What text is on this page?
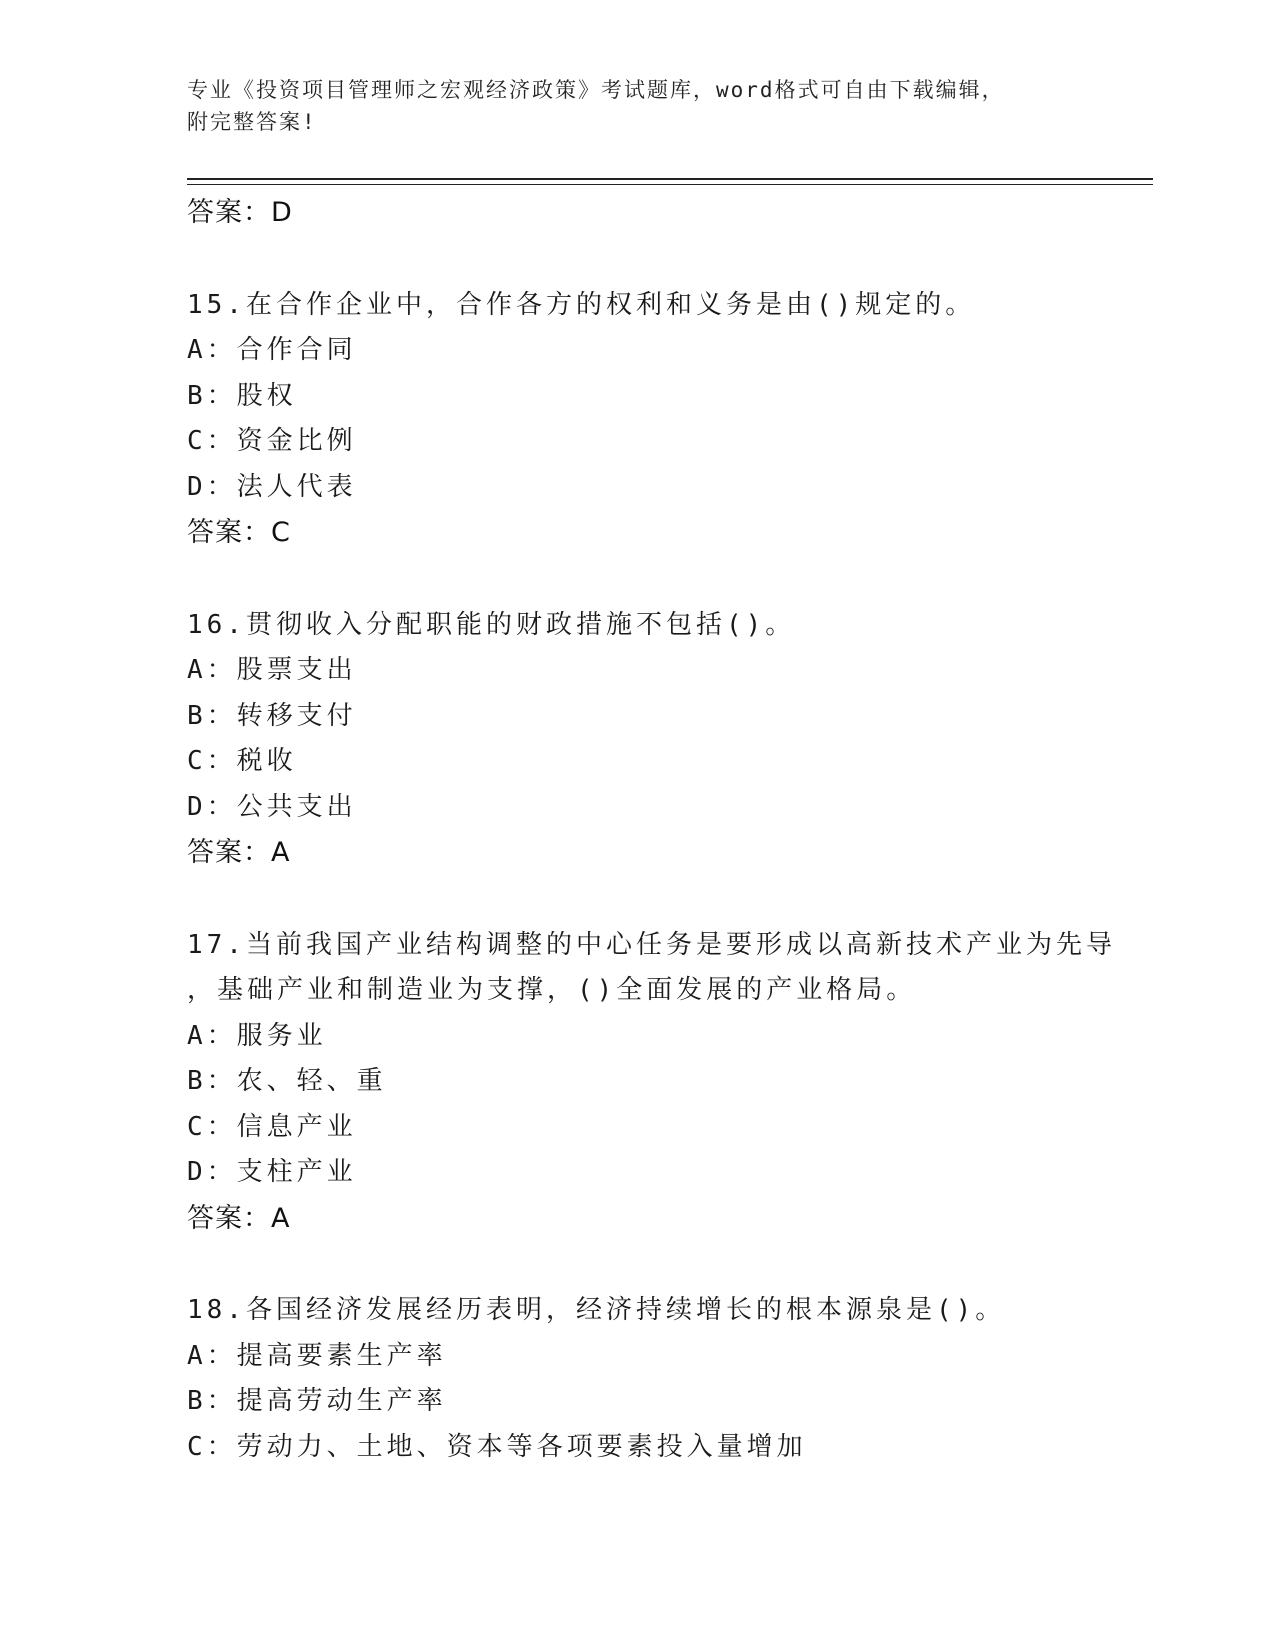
专业《投资项目管理师之宏观经济政策》考试题库，word格式可自由下载编辑，
附完整答案!
答案：D
15.在合作企业中，合作各方的权利和义务是由()规定的。
A：合作合同
B：股权
C：资金比例
D：法人代表
答案：C
16.贯彻收入分配职能的财政措施不包括()。
A：股票支出
B：转移支付
C：税收
D：公共支出
答案：A
17.当前我国产业结构调整的中心任务是要形成以高新技术产业为先导
，基础产业和制造业为支撑，()全面发展的产业格局。
A：服务业
B：农、轻、重
C：信息产业
D：支柱产业
答案：A
18.各国经济发展经历表明，经济持续增长的根本源泉是()。
A：提高要素生产率
B：提高劳动生产率
C：劳动力、土地、资本等各项要素投入量增加
